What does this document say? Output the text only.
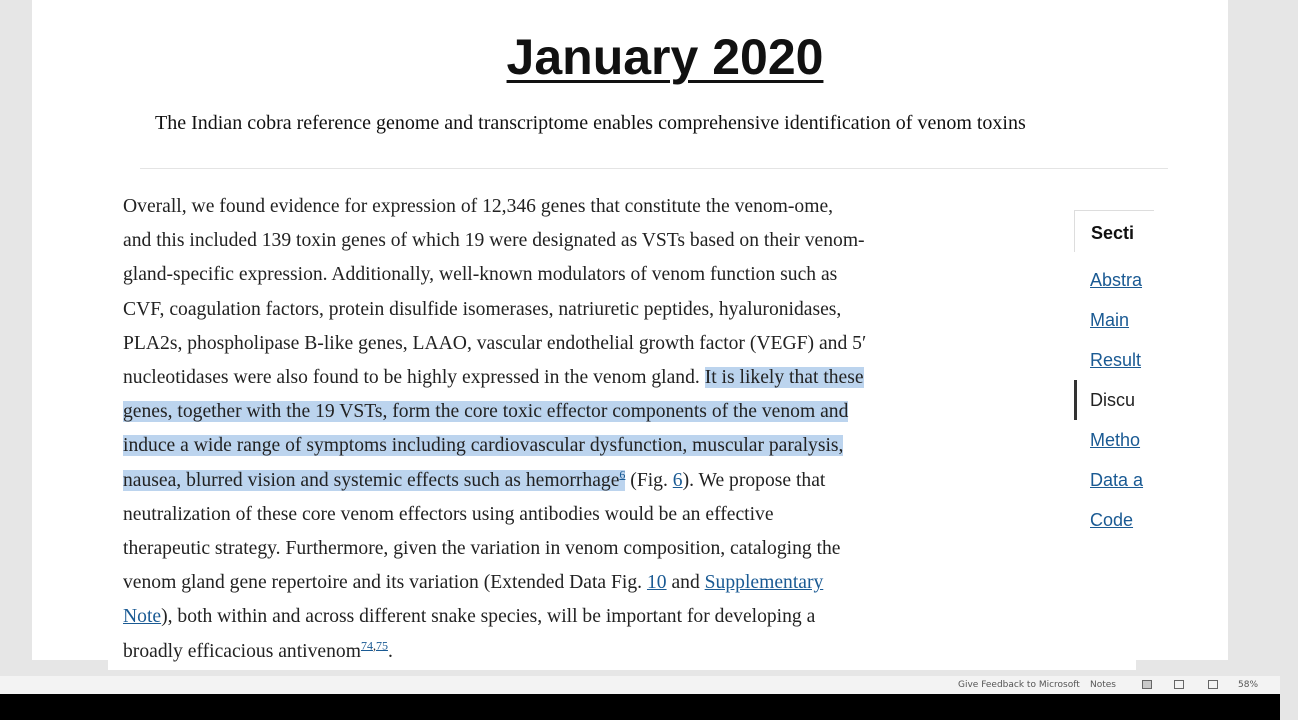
January 2020
The Indian cobra reference genome and transcriptome enables comprehensive identification of venom toxins
Overall, we found evidence for expression of 12,346 genes that constitute the venom-ome,
and this included 139 toxin genes of which 19 were designated as VSTs based on their venom-
gland-specific expression. Additionally, well-known modulators of venom function such as
CVF, coagulation factors, protein disulfide isomerases, natriuretic peptides, hyaluronidases,
PLA2s, phospholipase B-like genes, LAAO, vascular endothelial growth factor (VEGF) and 5′
nucleotidases were also found to be highly expressed in the venom gland. It is likely that these
genes, together with the 19 VSTs, form the core toxic effector components of the venom and
induce a wide range of symptoms including cardiovascular dysfunction, muscular paralysis,
nausea, blurred vision and systemic effects such as hemorrhage$^6$ (Fig. 6). We propose that
neutralization of these core venom effectors using antibodies would be an effective
therapeutic strategy. Furthermore, given the variation in venom composition, cataloging the
venom gland gene repertoire and its variation (Extended Data Fig. 10 and Supplementary
Note), both within and across different snake species, will be important for developing a
broadly efficacious antivenom$^{74,75}$.
Secti
Abstra
Main
Result
Discu
Metho
Data a
Code
Give Feedback to Microsoft Notes	58%
